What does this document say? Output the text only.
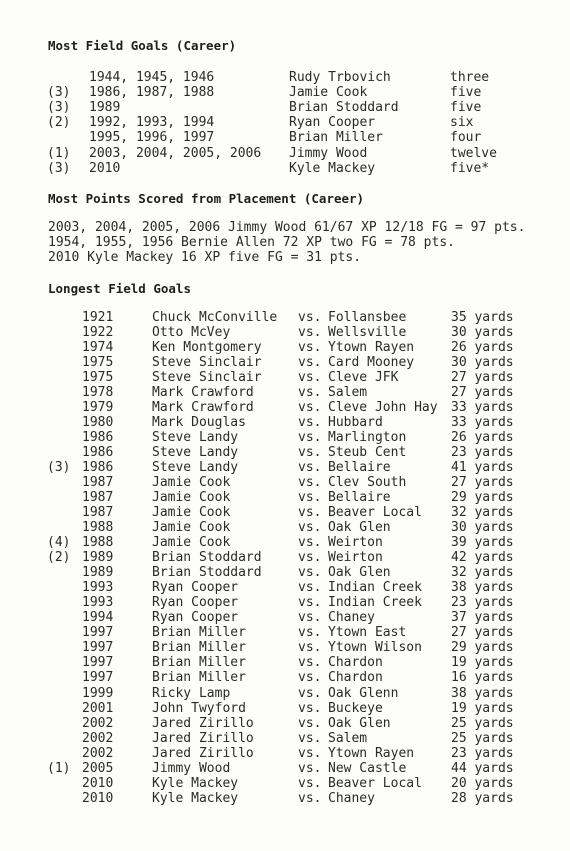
Most Field Goals (Career)
1944, 1945, 1946	Rudy Trbovich	three
(3) 1986, 1987, 1988	Jamie Cook	five
(3) 1989	Brian Stoddard	five
(2) 1992, 1993, 1994	Ryan Cooper	six
1995, 1996, 1997	Brian Miller	four
(1) 2003, 2004, 2005, 2006 Jimmy Wood	twelve
(3) 2010	Kyle Mackey	five*
Most Points Scored from Placement (Career)
2003, 2004, 2005, 2006 Jimmy Wood 61/67 XP 12/18 FG = 97 pts.
1954, 1955, 1956 Bernie Allen 72 XP two FG = 78 pts.
2010 Kyle Mackey 16 XP five FG = 31 pts.
Longest Field Goals
1921	Chuck McConville vs. Follansbee	35 yards
1922	Otto McVey	vs. Wellsville	30 yards
1974	Ken Montgomery	vs. Ytown Rayen	26 yards
1975	Steve Sinclair	vs. Card Mooney	30 yards
1975	Steve Sinclair	vs. Cleve JFK	27 yards
1978	Mark Crawford	vs. Salem	27 yards
1979	Mark Crawford	vs. Cleve John Hay 33 yards
1980	Mark Douglas	vs. Hubbard	33 yards
1986	Steve Landy	vs. Marlington	26 yards
1986	Steve Landy	vs. Steub Cent	23 yards
(3) 1986	Steve Landy	vs. Bellaire	41 yards
1987	Jamie Cook	vs. Clev South	27 yards
1987	Jamie Cook	vs. Bellaire	29 yards
1987	Jamie Cook	vs. Beaver Local 32 yards
1988	Jamie Cook	vs. Oak Glen	30 yards
(4) 1988	Jamie Cook	vs. Weirton	39 yards
(2) 1989	Brian Stoddard	vs. Weirton	42 yards
1989	Brian Stoddard	vs. Oak Glen	32 yards
1993	Ryan Cooper	vs. Indian Creek 38 yards
1993	Ryan Cooper	vs. Indian Creek 23 yards
1994	Ryan Cooper	vs. Chaney	37 yards
1997	Brian Miller	vs. Ytown East	27 yards
1997	Brian Miller	vs. Ytown Wilson 29 yards
1997	Brian Miller	vs. Chardon	19 yards
1997	Brian Miller	vs. Chardon	16 yards
1999	Ricky Lamp	vs. Oak Glenn	38 yards
2001	John Twyford	vs. Buckeye	19 yards
2002	Jared Zirillo	vs. Oak Glen	25 yards
2002	Jared Zirillo	vs. Salem	25 yards
2002	Jared Zirillo	vs. Ytown Rayen	23 yards
(1) 2005	Jimmy Wood	vs. New Castle	44 yards
2010	Kyle Mackey	vs. Beaver Local 20 yards
2010	Kyle Mackey	vs. Chaney	28 yards
